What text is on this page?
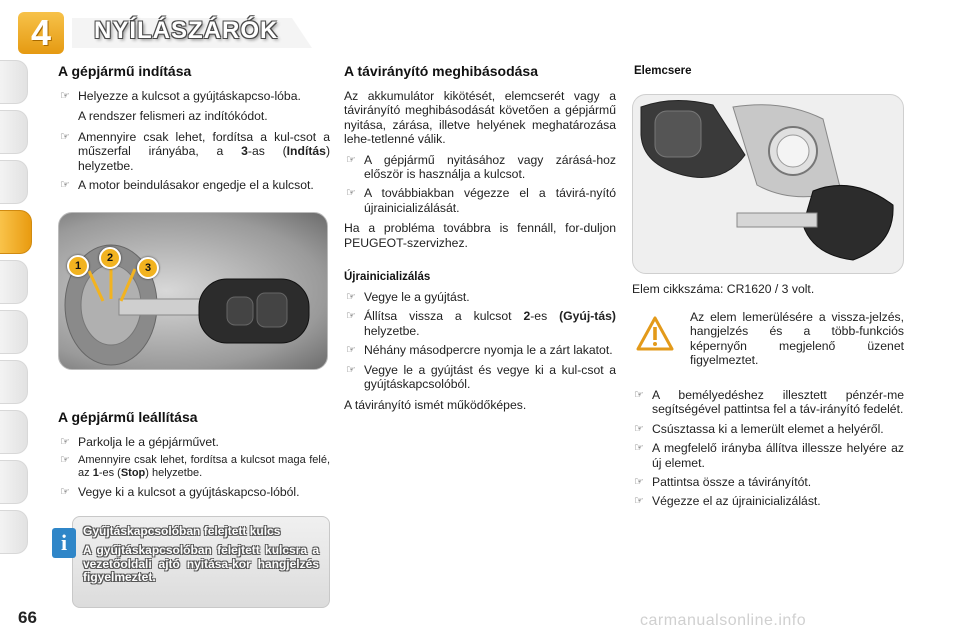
4	NYÍLÁSZÁRÓK
A gépjármű indítása
☞ Helyezze a kulcsot a gyújtáskapcso-lóba.

A rendszer felismeri az indítókódot.

☞ Amennyire csak lehet, fordítsa a kul-csot a műszerfal irányába, a 3-as (Indítás) helyzetbe.
☞ A motor beindulásakor engedje el a kulcsot.
1
2
3
A gépjármű leállítása
☞ Parkolja le a gépjárművet.
☞ Amennyire csak lehet, fordítsa a kulcsot maga felé, az 1-es (Stop) helyzetbe.
☞ Vegye ki a kulcsot a gyújtáskapcso-lóból.
Gyújtáskapcsolóban felejtett kulcs
A gyújtáskapcsolóban felejtett kulcsra a vezetőoldali ajtó nyitása-kor hangjelzés figyelmeztet.
i
A távirányító meghibásodása

Az akkumulátor kikötését, elemcserét vagy a távirányító meghibásodását követően a gépjármű nyitása, zárása, illetve helyének meghatározása lehe-tetlenné válik.

☞ A gépjármű nyitásához vagy zárásá-hoz először is használja a kulcsot.
☞ A továbbiakban végezze el a távirá-nyító újrainicializálását.

Ha a probléma továbbra is fennáll, for-duljon PEUGEOT-szervizhez.

Újrainicializálás
☞ Vegye le a gyújtást.
☞ Állítsa vissza a kulcsot 2-es (Gyúj-tás) helyzetbe.
☞ Néhány másodpercre nyomja le a zárt lakatot.
☞ Vegye le a gyújtást és vegye ki a kul-csot a gyújtáskapcsolóból.

A távirányító ismét működőképes.

Elemcsere
Elem cikkszáma: CR1620 / 3 volt.
Az elem lemerülésére a vissza-jelzés, hangjelzés és a több-funkciós képernyőn megjelenő üzenet figyelmeztet.
☞ A bemélyedéshez illesztett pénzér-me segítségével pattintsa fel a táv-irányító fedelét.
☞ Csúsztassa ki a lemerült elemet a helyéről.
☞ A megfelelő irányba állítva illessze helyére az új elemet.
☞ Pattintsa össze a távirányítót.
☞ Végezze el az újrainicializálást.
66	carmanualsonline.info
